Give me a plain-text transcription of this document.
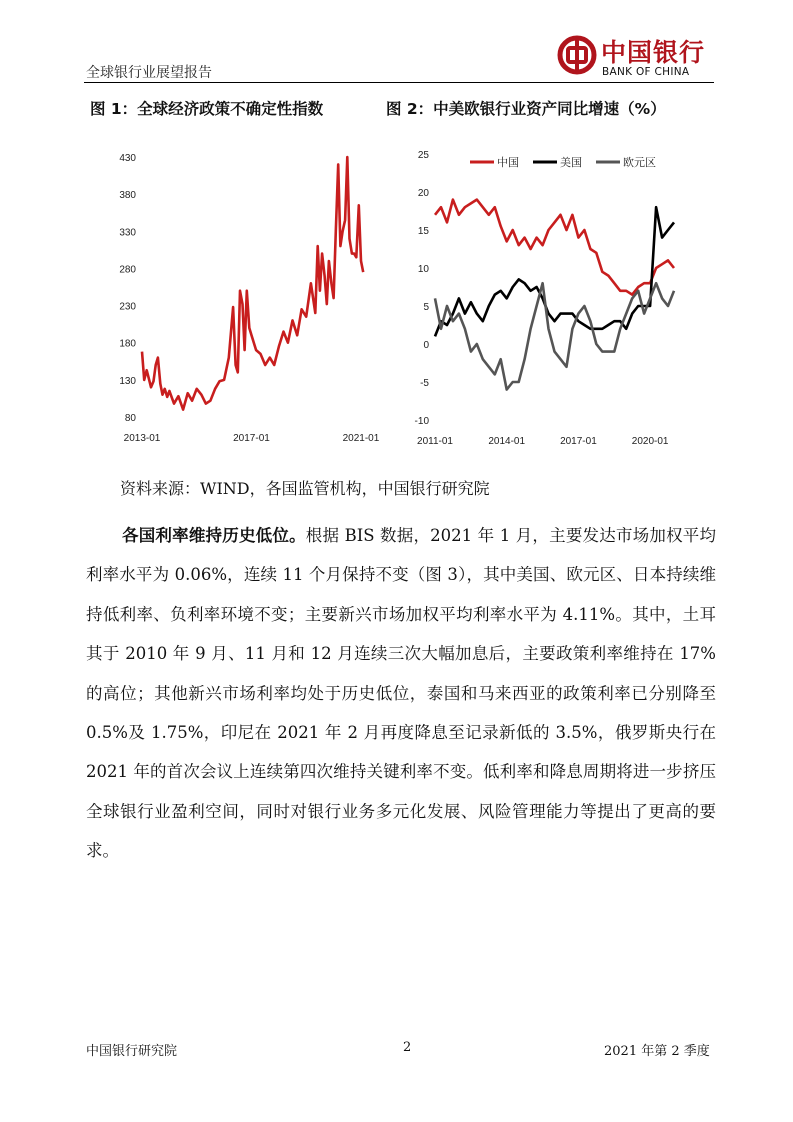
全球银行业展望报告
中国银行
BANK OF CHINA
图 1：全球经济政策不确定性指数	图 2：中美欧银行业资产同比增速（%）
80
130
180
230
280
330
380
430
2013-01	2017-01	2021-01
-10
-5
0
5
10
15
20
25
2011-01	2014-01	2017-01	2020-01
中国	美国	欧元区
资料来源：WIND，各国监管机构，中国银行研究院
各国利率维持历史低位。根据 BIS 数据，2021 年 1 月，主要发达市场加权平均利率水平为 0.06%，连续 11 个月保持不变（图 3），其中美国、欧元区、日本持续维持低利率、负利率环境不变；主要新兴市场加权平均利率水平为 4.11%。其中，土耳其于 2010 年 9 月、11 月和 12 月连续三次大幅加息后，主要政策利率维持在 17%的高位；其他新兴市场利率均处于历史低位，泰国和马来西亚的政策利率已分别降至 0.5%及 1.75%，印尼在 2021 年 2 月再度降息至记录新低的 3.5%，俄罗斯央行在 2021 年的首次会议上连续第四次维持关键利率不变。低利率和降息周期将进一步挤压全球银行业盈利空间，同时对银行业务多元化发展、风险管理能力等提出了更高的要求。
中国银行研究院	2	2021 年第 2 季度
